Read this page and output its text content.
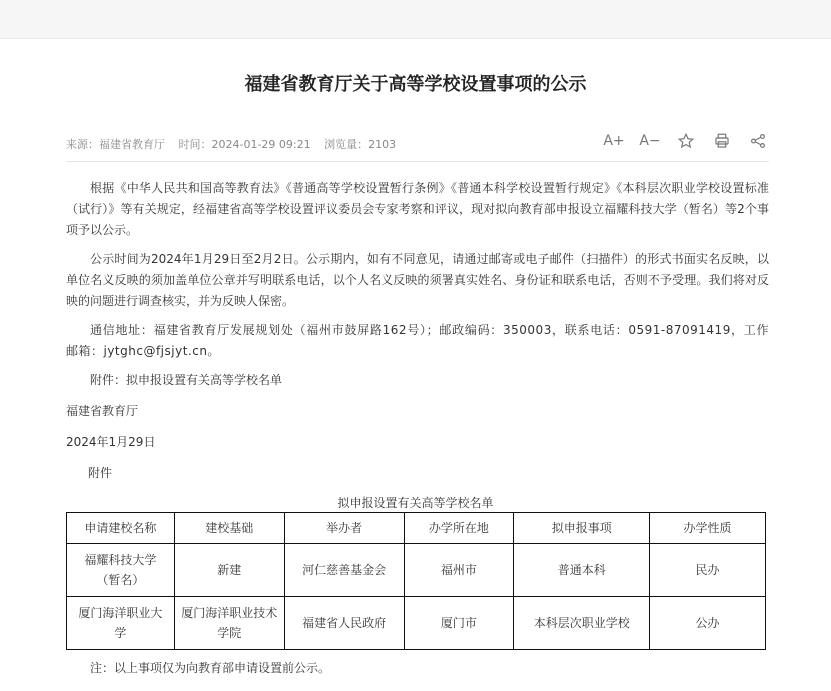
福建省教育厅关于高等学校设置事项的公示
来源：福建省教育厅 时间：2024-01-29 09:21 浏览量：2103	A+ A−

根据《中华人民共和国高等教育法》《普通高等学校设置暂行条例》《普通本科学校设置暂行规定》《本科层次职业学校设置标准（试行）》等有关规定，经福建省高等学校设置评议委员会专家考察和评议，现对拟向教育部申报设立福耀科技大学（暂名）等2个事项予以公示。

公示时间为2024年1月29日至2月2日。公示期内，如有不同意见，请通过邮寄或电子邮件（扫描件）的形式书面实名反映，以单位名义反映的须加盖单位公章并写明联系电话，以个人名义反映的须署真实姓名、身份证和联系电话，否则不予受理。我们将对反映的问题进行调查核实，并为反映人保密。

通信地址：福建省教育厅发展规划处（福州市鼓屏路162号）；邮政编码：350003，联系电话：0591-87091419，工作邮箱：jytghc@fjsjyt.cn。

附件：拟申报设置有关高等学校名单

福建省教育厅

2024年1月29日

附件
拟申报设置有关高等学校名单
申请建校名称	建校基础	举办者	办学所在地	拟申报事项	办学性质
福耀科技大学（暂名）	新建	河仁慈善基金会	福州市	普通本科	民办
厦门海洋职业大学	厦门海洋职业技术学院	福建省人民政府	厦门市	本科层次职业学校	公办
注：以上事项仅为向教育部申请设置前公示。
